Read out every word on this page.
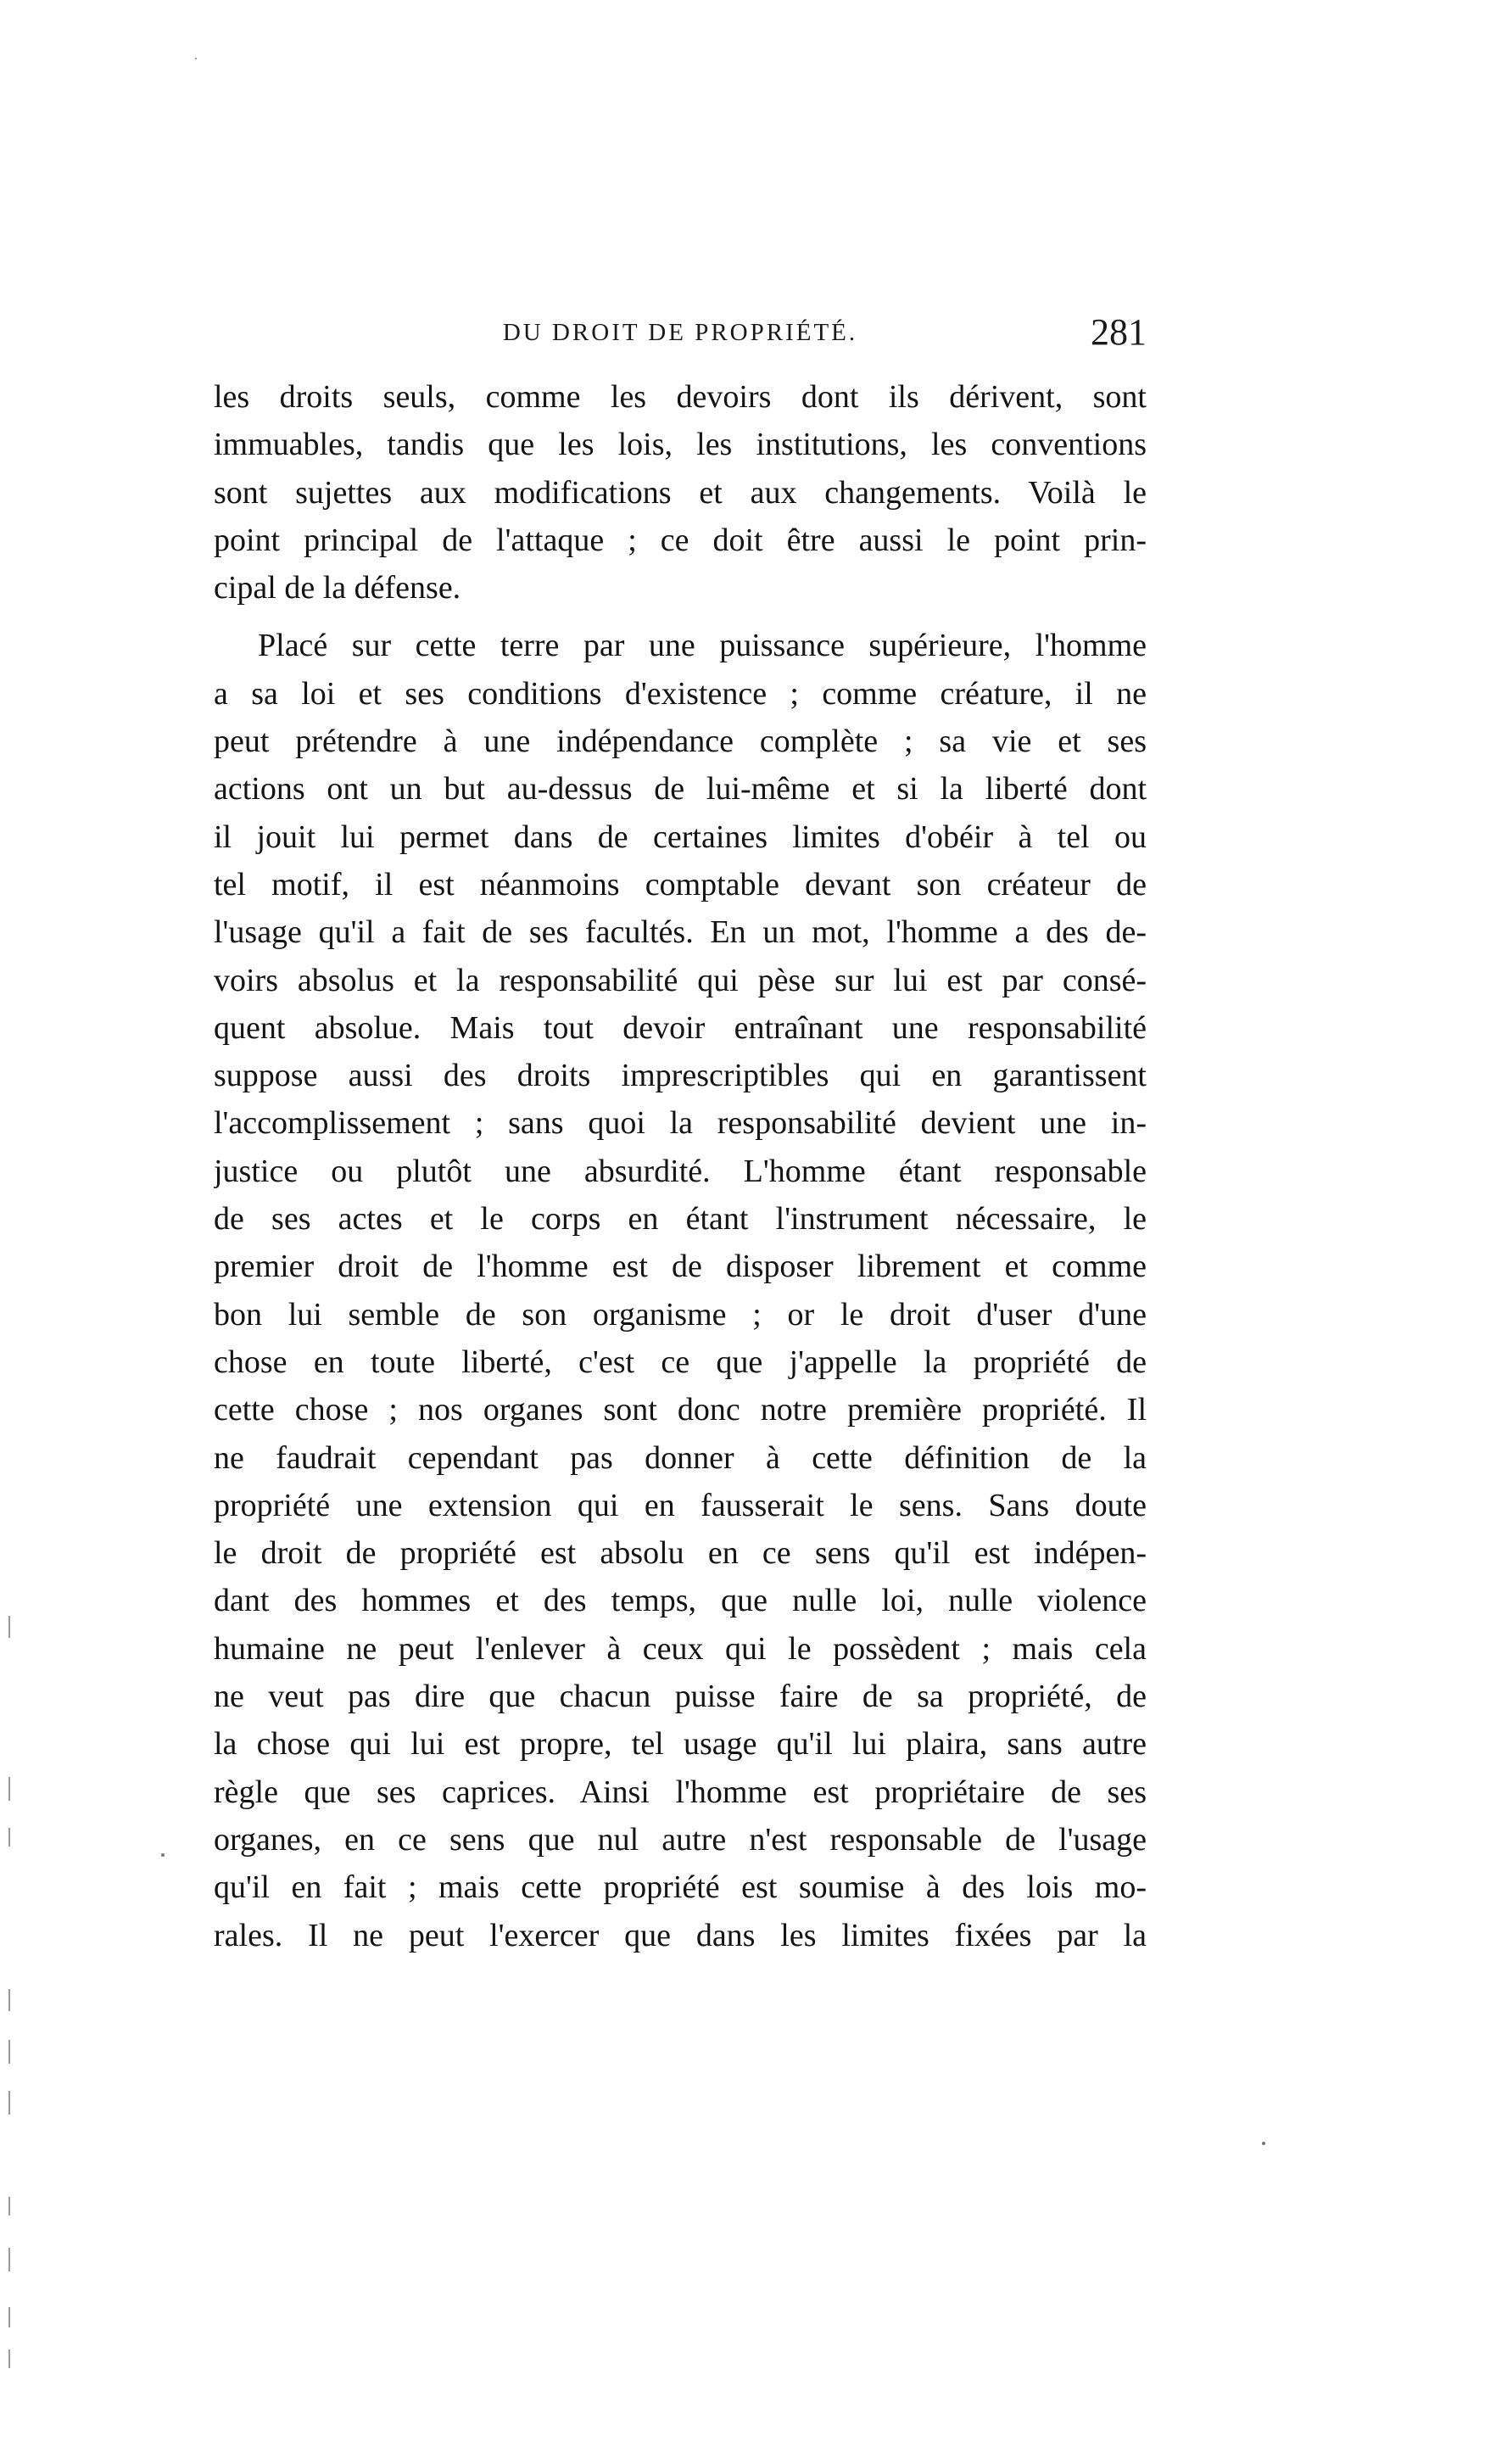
DU DROIT DE PROPRIÉTÉ.	281
les droits seuls, comme les devoirs dont ils dérivent, sont
immuables, tandis que les lois, les institutions, les conventions
sont sujettes aux modifications et aux changements. Voilà le
point principal de l'attaque ; ce doit être aussi le point prin-
cipal de la défense.
Placé sur cette terre par une puissance supérieure, l'homme
a sa loi et ses conditions d'existence ; comme créature, il ne
peut prétendre à une indépendance complète ; sa vie et ses
actions ont un but au-dessus de lui-même et si la liberté dont
il jouit lui permet dans de certaines limites d'obéir à tel ou
tel motif, il est néanmoins comptable devant son créateur de
l'usage qu'il a fait de ses facultés. En un mot, l'homme a des de-
voirs absolus et la responsabilité qui pèse sur lui est par consé-
quent absolue. Mais tout devoir entraînant une responsabilité
suppose aussi des droits imprescriptibles qui en garantissent
l'accomplissement ; sans quoi la responsabilité devient une in-
justice ou plutôt une absurdité. L'homme étant responsable
de ses actes et le corps en étant l'instrument nécessaire, le
premier droit de l'homme est de disposer librement et comme
bon lui semble de son organisme ; or le droit d'user d'une
chose en toute liberté, c'est ce que j'appelle la propriété de
cette chose ; nos organes sont donc notre première propriété. Il
ne faudrait cependant pas donner à cette définition de la
propriété une extension qui en fausserait le sens. Sans doute
le droit de propriété est absolu en ce sens qu'il est indépen-
dant des hommes et des temps, que nulle loi, nulle violence
humaine ne peut l'enlever à ceux qui le possèdent ; mais cela
ne veut pas dire que chacun puisse faire de sa propriété, de
la chose qui lui est propre, tel usage qu'il lui plaira, sans autre
règle que ses caprices. Ainsi l'homme est propriétaire de ses
organes, en ce sens que nul autre n'est responsable de l'usage
qu'il en fait ; mais cette propriété est soumise à des lois mo-
rales. Il ne peut l'exercer que dans les limites fixées par la
